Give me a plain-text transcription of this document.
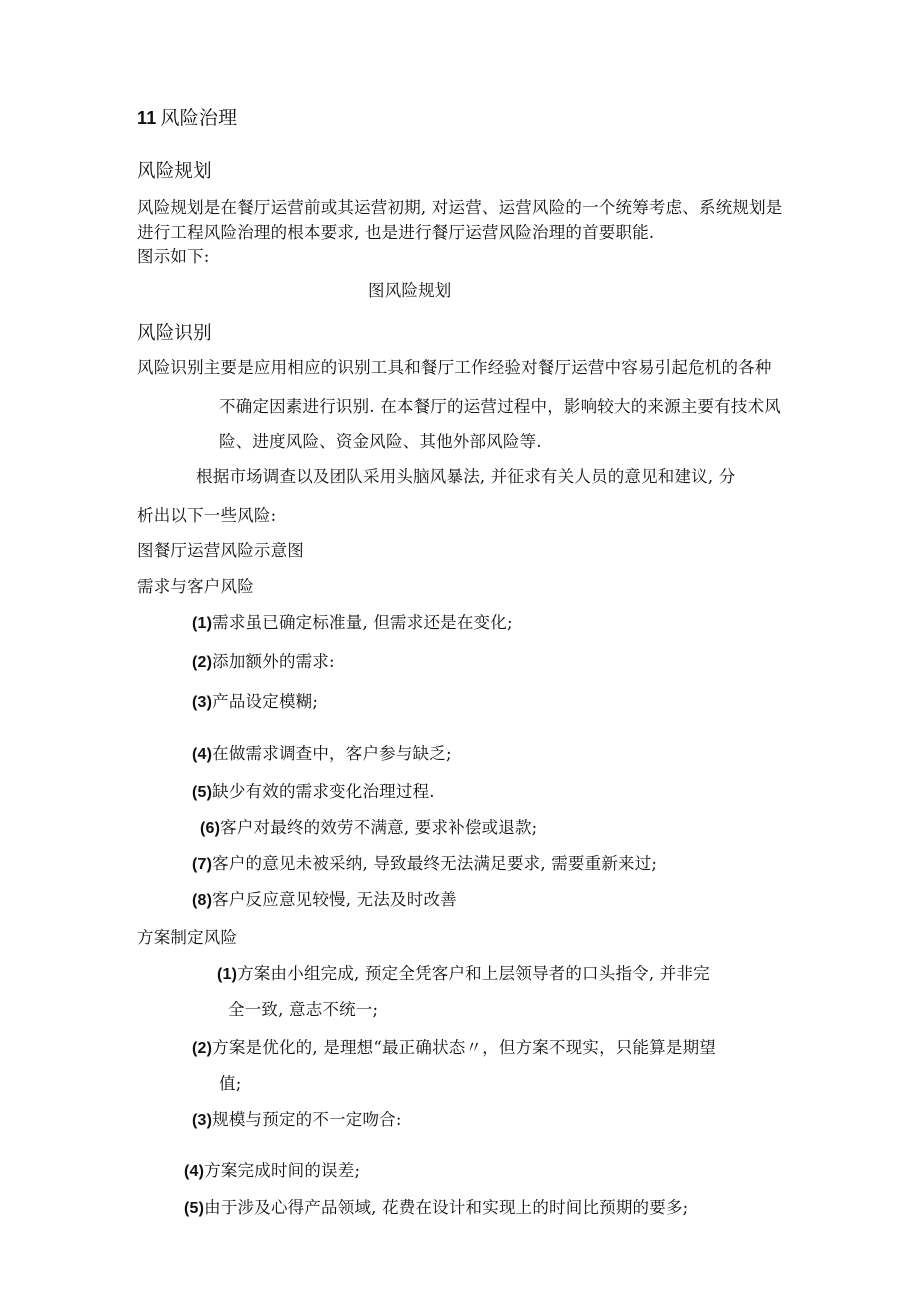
11 风险治理
风险规划
风险规划是在餐厅运营前或其运营初期, 对运营、运营风险的一个统筹考虑、系统规划是
进行工程风险治理的根本要求, 也是进行餐厅运营风险治理的首要职能.
图示如下:
图风险规划
风险识别
风险识别主要是应用相应的识别工具和餐厅工作经验对餐厅运营中容易引起危机的各种
不确定因素进行识别. 在本餐厅的运营过程中，影响较大的来源主要有技术风
险、进度风险、资金风险、其他外部风险等.
根据市场调查以及团队采用头脑风暴法, 并征求有关人员的意见和建议, 分
析出以下一些风险:
图餐厅运营风险示意图
需求与客户风险
(1)需求虽已确定标准量, 但需求还是在变化;
(2)添加额外的需求:
(3)产品设定模糊;
(4)在做需求调查中，客户参与缺乏;
(5)缺少有效的需求变化治理过程.
(6)客户对最终的效劳不满意, 要求补偿或退款;
(7)客户的意见未被采纳, 导致最终无法满足要求, 需要重新来过;
(8)客户反应意见较慢, 无法及时改善
方案制定风险
(1)方案由小组完成, 预定全凭客户和上层领导者的口头指令, 并非完
全一致, 意志不统一;
(2)方案是优化的, 是理想“最正确状态〃，但方案不现实，只能算是期望
值;
(3)规模与预定的不一定吻合:
(4)方案完成时间的误差;
(5)由于涉及心得产品领域, 花费在设计和实现上的时间比预期的要多;
